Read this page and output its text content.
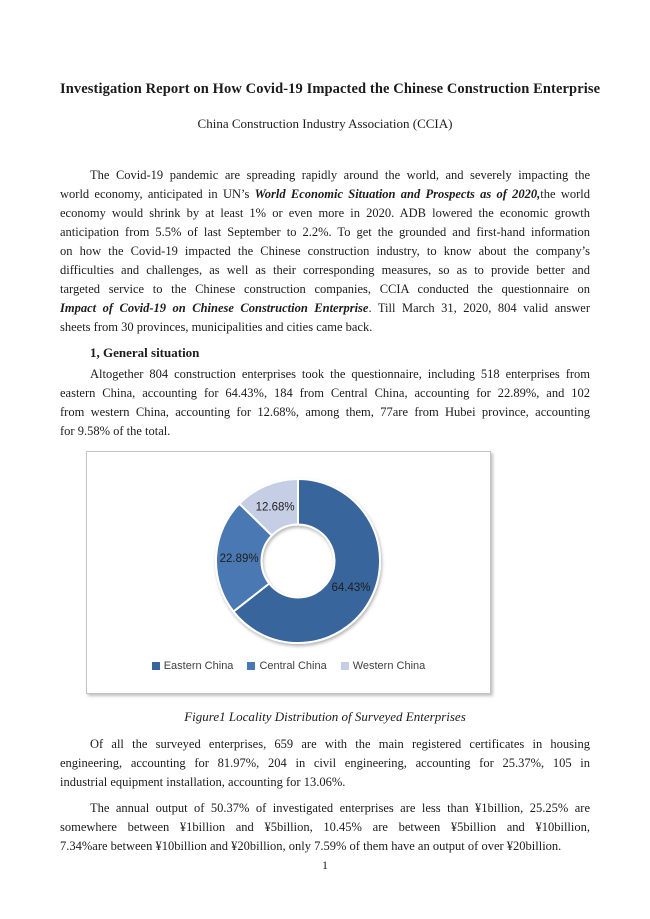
Investigation Report on How Covid-19 Impacted the Chinese Construction Enterprise
China Construction Industry Association (CCIA)
The Covid-19 pandemic are spreading rapidly around the world, and severely impacting the
world economy, anticipated in UN’s World Economic Situation and Prospects as of 2020,the world
economy would shrink by at least 1% or even more in 2020. ADB lowered the economic growth
anticipation from 5.5% of last September to 2.2%. To get the grounded and first-hand information
on how the Covid-19 impacted the Chinese construction industry, to know about the company’s
difficulties and challenges, as well as their corresponding measures, so as to provide better and
targeted service to the Chinese construction companies, CCIA conducted the questionnaire on
Impact of Covid-19 on Chinese Construction Enterprise. Till March 31, 2020, 804 valid answer
sheets from 30 provinces, municipalities and cities came back.
1, General situation
Altogether 804 construction enterprises took the questionnaire, including 518 enterprises from
eastern China, accounting for 64.43%, 184 from Central China, accounting for 22.89%, and 102
from western China, accounting for 12.68%, among them, 77are from Hubei province, accounting
for 9.58% of the total.
64.43%
22.89%
12.68%
Eastern China Central China Western China
Figure1 Locality Distribution of Surveyed Enterprises
Of all the surveyed enterprises, 659 are with the main registered certificates in housing
engineering, accounting for 81.97%, 204 in civil engineering, accounting for 25.37%, 105 in
industrial equipment installation, accounting for 13.06%.
The annual output of 50.37% of investigated enterprises are less than ¥1billion, 25.25% are
somewhere between ¥1billion and ¥5billion, 10.45% are between ¥5billion and ¥10billion,
7.34%are between ¥10billion and ¥20billion, only 7.59% of them have an output of over ¥20billion.
1
